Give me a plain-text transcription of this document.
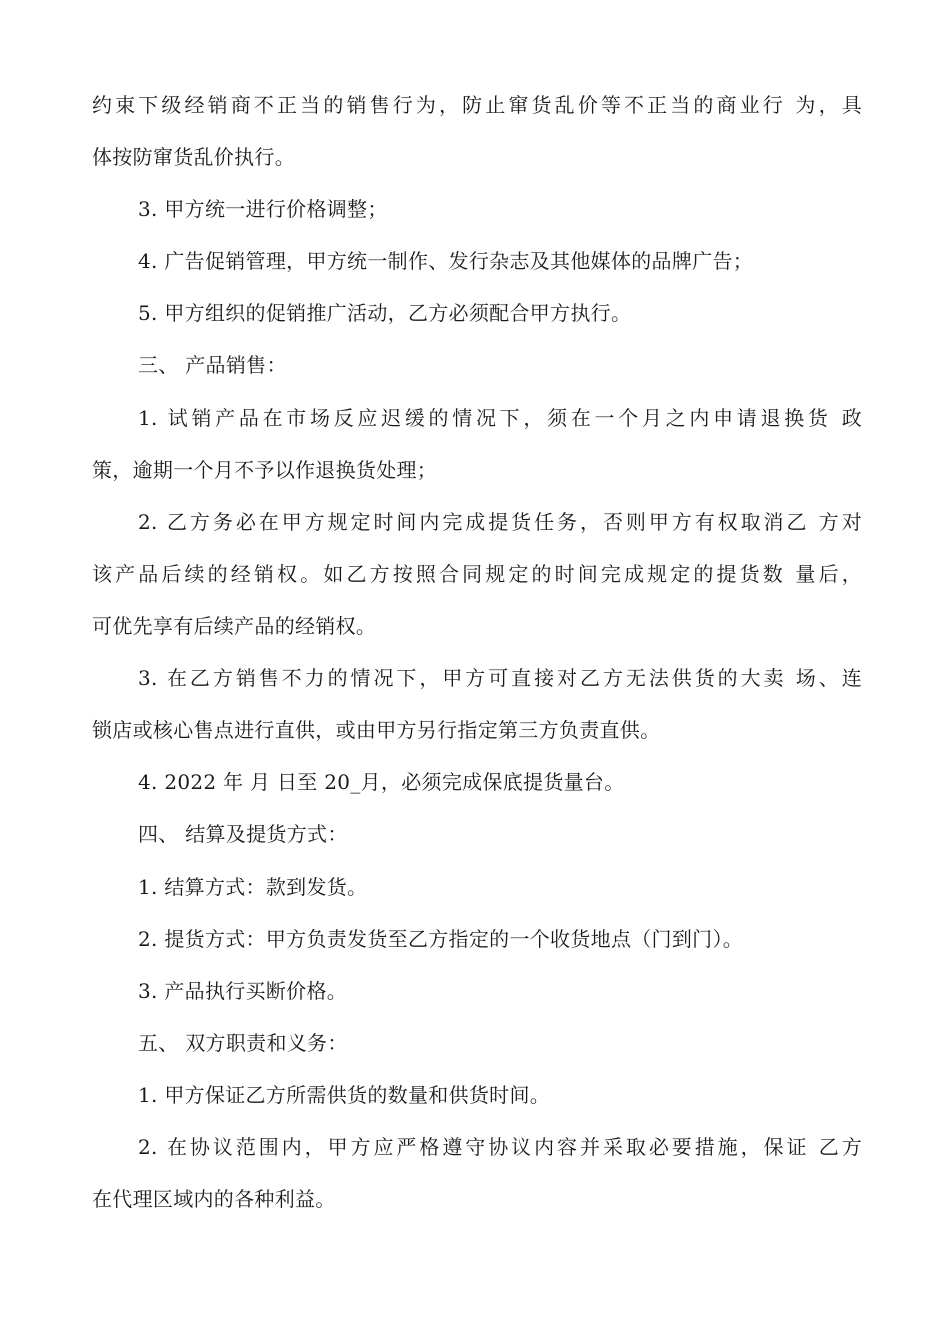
约束下级经销商不正当的销售行为，防止窜货乱价等不正当的商业行 为，具
体按防窜货乱价执行。
3. 甲方统一进行价格调整；
4. 广告促销管理，甲方统一制作、发行杂志及其他媒体的品牌广告；
5. 甲方组织的促销推广活动，乙方必须配合甲方执行。
三、 产品销售：
1. 试销产品在市场反应迟缓的情况下，须在一个月之内申请退换货 政
策，逾期一个月不予以作退换货处理；
2. 乙方务必在甲方规定时间内完成提货任务，否则甲方有权取消乙 方对
该产品后续的经销权。如乙方按照合同规定的时间完成规定的提货数 量后，
可优先享有后续产品的经销权。
3. 在乙方销售不力的情况下，甲方可直接对乙方无法供货的大卖 场、连
锁店或核心售点进行直供，或由甲方另行指定第三方负责直供。
4. 2022 年 月 日至 20_月，必须完成保底提货量台。
四、 结算及提货方式：
1. 结算方式：款到发货。
2. 提货方式：甲方负责发货至乙方指定的一个收货地点（门到门）。
3. 产品执行买断价格。
五、 双方职责和义务：
1. 甲方保证乙方所需供货的数量和供货时间。
2. 在协议范围内，甲方应严格遵守协议内容并采取必要措施，保证 乙方
在代理区域内的各种利益。
